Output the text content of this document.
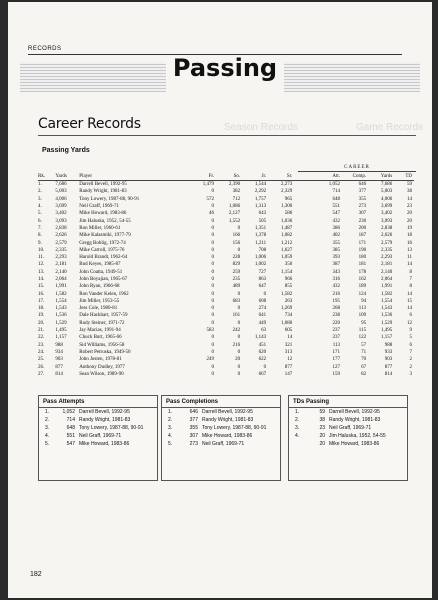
RECORDS
Passing
Game Records
Season Records
Career Records
Passing Yards
CAREER
Rk.	Yards	Player	Fr.	So.	Jr.	Sr.		Att.	Comp.	Yards	TD
1.	7,686	Darrell Bevell, 1992-95	1,479	2,390	1,544	2,273		1,052	646	7,686	59
2.	5,003	Randy Wright, 1981-83	0	382	2,292	2,329		714	377	5,003	38
3.	4,006	Tony Lowery, 1987-88, 90-91	572	712	1,757	965		648	355	4,006	14
4.	3,699	Neil Graff, 1969-71	0	1,086	1,313	1,300		551	273	3,699	23
5.	3,402	Mike Howard, 1983-86	46	2,127	643	586		547	307	3,402	20
6.	3,093	Jim Haluska, 1952, 54-55	0	1,552	505	1,036		432	230	3,093	20
7.	2,838	Ron Miller, 1960-61	0	0	1,351	1,487		386	200	2,838	19
8.	2,626	Mike Kalasmiki, 1977-79	0	166	1,378	1,082		402	187	2,626	18
9.	2,579	Gregg Bohlig, 1972-74	0	156	1,211	1,212		355	171	2,579	16
10.	2,335	Mike Carroll, 1975-76	0	0	708	1,627		385	190	2,335	13
11.	2,293	Harold Brandt, 1962-64	0	228	1,006	1,059		393	180	2,293	11
12.	2,181	Bud Keyes, 1985-87	0	829	1,002	350		387	181	2,181	14
13.	2,140	John Coatta, 1949-51	0	259	727	1,154		343	178	2,140	8
14.	2,064	John Boyajian, 1965-67	0	235	863	966		316	162	2,064	7
15.	1,991	John Ryan, 1966-68	0	489	647	855		432	189	1,991	8
16.	1,582	Ron Vander Kelen, 1962	0	0	0	1,582		216	124	1,582	14
17.	1,554	Jim Miller, 1953-55	0	683	608	263		195	94	1,554	15
18.	1,543	Jess Cole, 1980-81	0	0	274	1,269		268	113	1,543	14
19.	1,536	Dale Hackbart, 1957-59	0	161	641	734		238	109	1,536	6
20.	1,529	Rudy Steiner, 1971-72	0	0	449	1,080		220	95	1,529	12
21.	1,495	Jay Macias, 1991-94	583	242	63	605		237	115	1,495	9
22.	1,157	Chuck Burt, 1965-66	0	0	1,143	14		237	122	1,157	5
23.	988	Sid Williams, 1956-58	0	216	451	321		113	57	988	6
24.	934	Robert Petruska, 1949-50	0	0	620	313		171	71	933	7
25.	903	John Josten, 1978-81	249	20	622	12		177	70	903	2
26.	877	Anthony Dudley, 1977	0	0	0	877		127	67	877	2
27.	814	Sean Wilson, 1989-90	0	0	667	147		159	82	814	3
Pass Attempts
1.	1,052 Darrell Bevell, 1992-95
2.	714 Randy Wright, 1981-83
3.	648 Tony Lowery, 1987-88, 90-91
4.	551 Neil Graff, 1969-71
5.	547 Mike Howard, 1983-86
Pass Completions
1.	646 Darrell Bevell, 1992-95
2.	377 Randy Wright, 1981-83
3.	355 Tony Lowery, 1987-88, 90-91
4.	307 Mike Howard, 1983-86
5.	273 Neil Graff, 1969-71
TDs Passing
1.	59 Darrell Bevell, 1992-95
2.	38 Randy Wright, 1981-83
3.	23 Neil Graff, 1969-71
4.	20 Jim Haluska, 1952, 54-55
20 Mike Howard, 1983-86
182
